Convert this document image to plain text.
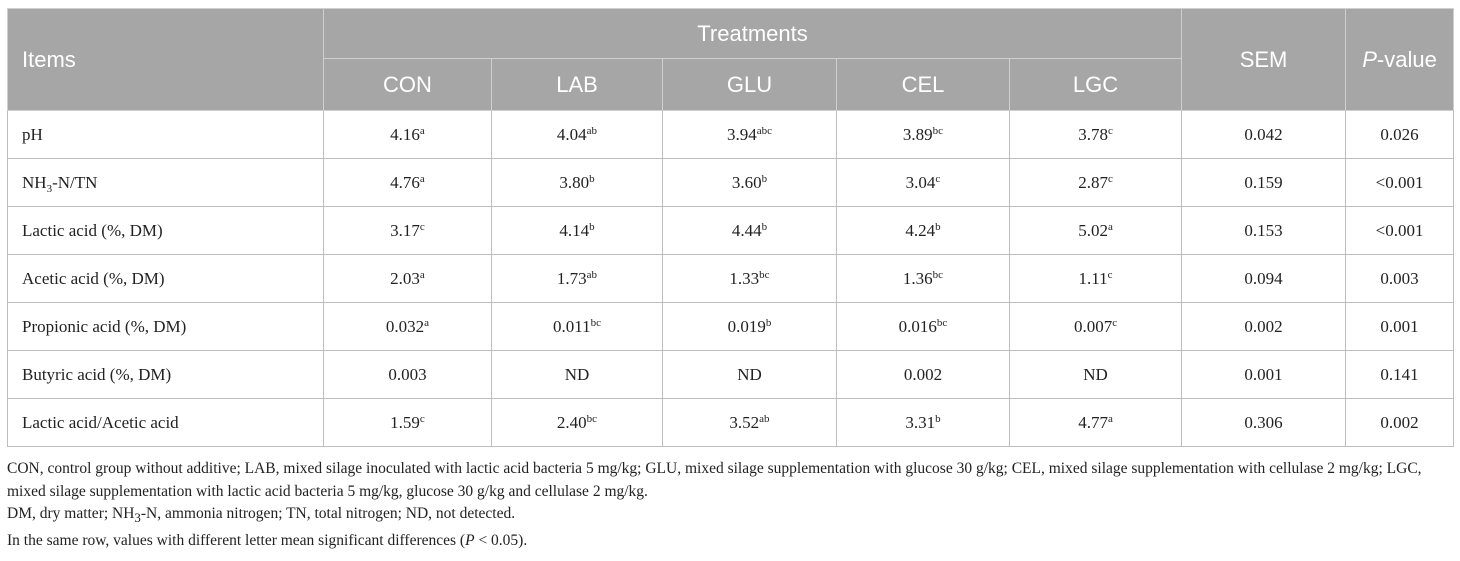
Items	Treatments					SEM	P-value
	CON	LAB	GLU	CEL	LGC		
pH	4.16$^a$	4.04$^{ab}$	3.94$^{abc}$	3.89$^{bc}$	3.78$^c$	0.042	0.026
$NH_3-N/TN$	4.76$^a$	3.80$^b$	3.60$^b$	3.04$^c$	2.87$^c$	0.159	<0.001
Lactic acid (%, DM)	3.17$^c$	4.14$^b$	4.44$^b$	4.24$^b$	5.02$^a$	0.153	<0.001
Acetic acid (%, DM)	2.03$^a$	1.73$^{ab}$	1.33$^{bc}$	1.36$^{bc}$	1.11$^c$	0.094	0.003
Propionic acid (%, DM)	0.032$^a$	0.011$^{bc}$	0.019$^b$	0.016$^{bc}$	0.007$^c$	0.002	0.001
Butyric acid (%, DM)	0.003	ND	ND	0.002	ND	0.001	0.141
Lactic acid/Acetic acid	1.59$^c$	2.40$^{bc}$	3.52$^{ab}$	3.31$^b$	4.77$^a$	0.306	0.002

CON, control group without additive; LAB, mixed silage inoculated with lactic acid bacteria 5 mg/kg; GLU, mixed silage supplementation with glucose 30 g/kg; CEL, mixed silage supplementation with cellulase 2 mg/kg; LGC, mixed silage supplementation with lactic acid bacteria 5 mg/kg, glucose 30 g/kg and cellulase 2 mg/kg.

DM, dry matter; $NH_3-N$, ammonia nitrogen; TN, total nitrogen; ND, not detected.

In the same row, values with different letter mean significant differences (P < 0.05).
